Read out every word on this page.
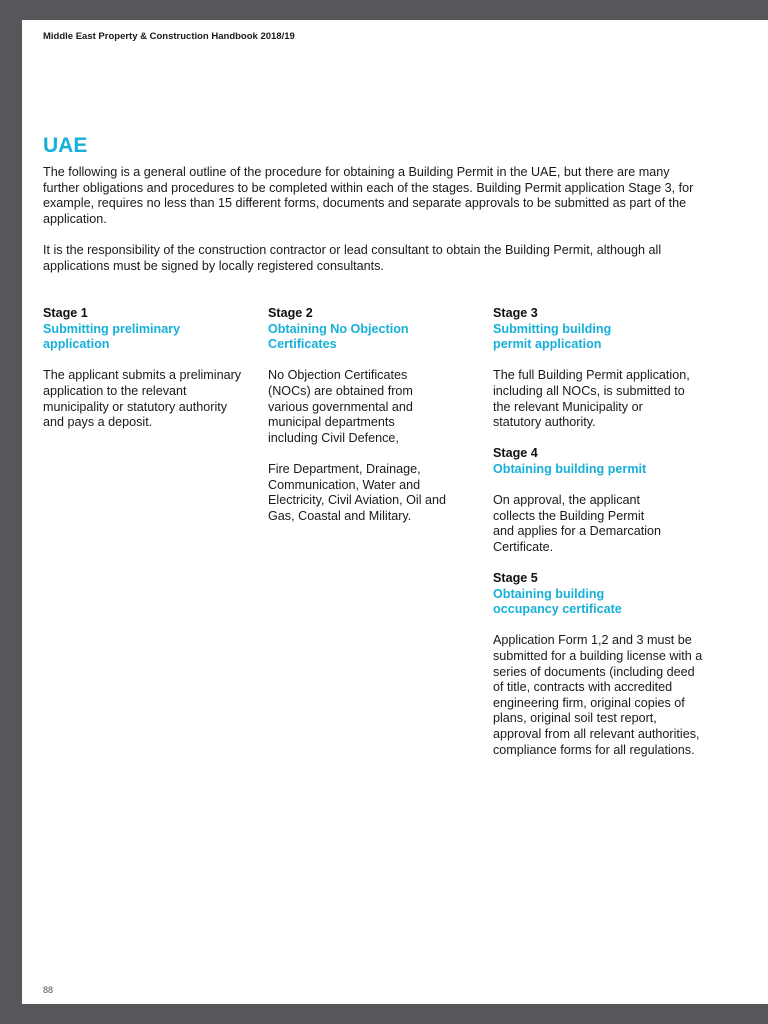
Middle East Property & Construction Handbook 2018/19
UAE

The following is a general outline of the procedure for obtaining a Building Permit in the UAE, but there are many further obligations and procedures to be completed within each of the stages. Building Permit application Stage 3, for example, requires no less than 15 different forms, documents and separate approvals to be submitted as part of the application.

It is the responsibility of the construction contractor or lead consultant to obtain the Building Permit, although all applications must be signed by locally registered consultants.

Stage 1
Submitting preliminary application

The applicant submits a preliminary application to the relevant municipality or statutory authority and pays a deposit.

Stage 2
Obtaining No Objection Certificates

No Objection Certificates (NOCs) are obtained from various governmental and municipal departments including Civil Defence,

Fire Department, Drainage, Communication, Water and Electricity, Civil Aviation, Oil and Gas, Coastal and Military.

Stage 3
Submitting building permit application

The full Building Permit application, including all NOCs, is submitted to the relevant Municipality or statutory authority.

Stage 4
Obtaining building permit

On approval, the applicant collects the Building Permit and applies for a Demarcation Certificate.

Stage 5
Obtaining building occupancy certificate

Application Form 1,2 and 3 must be submitted for a building license with a series of documents (including deed of title, contracts with accredited engineering firm, original copies of plans, original soil test report, approval from all relevant authorities, compliance forms for all regulations.

88
